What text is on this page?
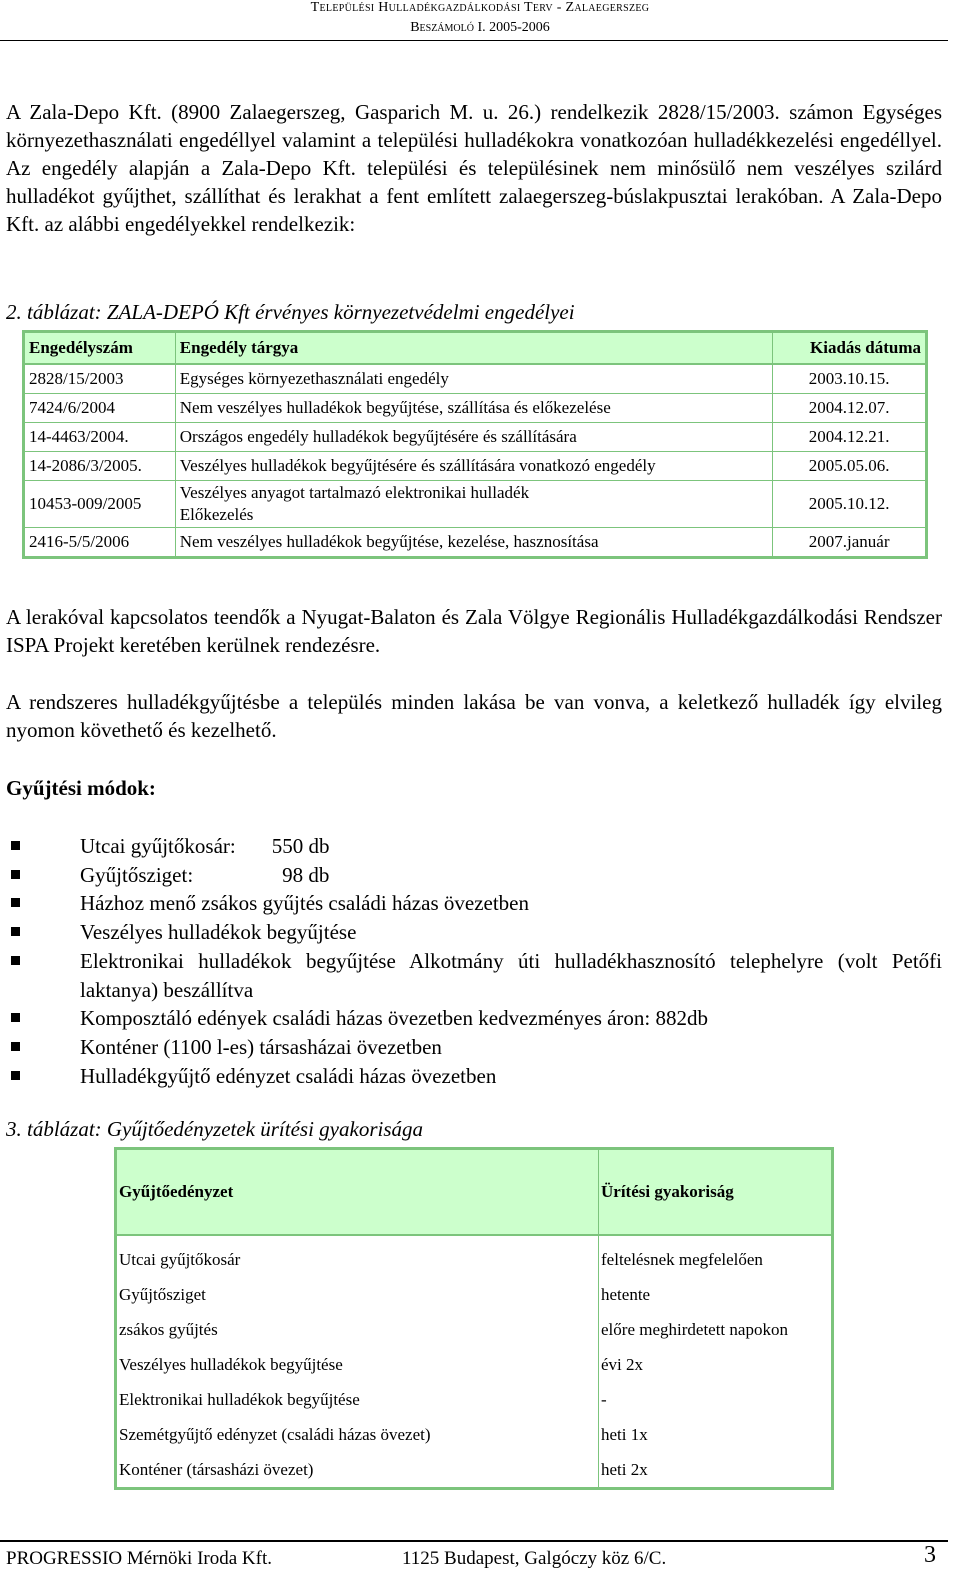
Települési Hulladékgazdálkodási Terv - Zalaegerszeg
Beszámoló I. 2005-2006
A Zala-Depo Kft. (8900 Zalaegerszeg, Gasparich M. u. 26.) rendelkezik 2828/15/2003. számon Egységes környezethasználati engedéllyel valamint a települési hulladékokra vonatkozóan hulladékkezelési engedéllyel. Az engedély alapján a Zala-Depo Kft. települési és településinek nem minősülő nem veszélyes szilárd hulladékot gyűjthet, szállíthat és lerakhat a fent említett zalaegerszeg-búslakpusztai lerakóban. A Zala-Depo Kft. az alábbi engedélyekkel rendelkezik:
2. táblázat: ZALA-DEPÓ Kft érvényes környezetvédelmi engedélyei
Engedélyszám	Engedély tárgya	Kiadás dátuma
2828/15/2003	Egységes környezethasználati engedély	2003.10.15.
7424/6/2004	Nem veszélyes hulladékok begyűjtése, szállítása és előkezelése	2004.12.07.
14-4463/2004.	Országos engedély hulladékok begyűjtésére és szállítására	2004.12.21.
14-2086/3/2005.	Veszélyes hulladékok begyűjtésére és szállítására vonatkozó engedély	2005.05.06.
10453-009/2005	Veszélyes anyagot tartalmazó elektronikai hulladék
Előkezelés	2005.10.12.
2416-5/5/2006	Nem veszélyes hulladékok begyűjtése, kezelése, hasznosítása	2007.január
A lerakóval kapcsolatos teendők a Nyugat-Balaton és Zala Völgye Regionális Hulladékgazdálkodási Rendszer ISPA Projekt keretében kerülnek rendezésre.
A rendszeres hulladékgyűjtésbe a település minden lakása be van vonva, a keletkező hulladék így elvileg nyomon követhető és kezelhető.
Gyűjtési módok:
Utcai gyűjtőkosár: 550 db
Gyűjtősziget:	98 db
Házhoz menő zsákos gyűjtés családi házas övezetben
Veszélyes hulladékok begyűjtése
Elektronikai hulladékok begyűjtése Alkotmány úti hulladékhasznosító telephelyre (volt Petőfi laktanya) beszállítva
Komposztáló edények családi házas övezetben kedvezményes áron: 882db
Konténer (1100 l-es) társasházai övezetben
Hulladékgyűjtő edényzet családi házas övezetben
3. táblázat: Gyűjtőedényzetek ürítési gyakorisága
Gyűjtőedényzet	Ürítési gyakoriság
Utcai gyűjtőkosár	feltelésnek megfelelően
Gyűjtősziget	hetente
zsákos gyűjtés	előre meghirdetett napokon
Veszélyes hulladékok begyűjtése	évi 2x
Elektronikai hulladékok begyűjtése	-
Szemétgyűjtő edényzet (családi házas övezet)	heti 1x
Konténer (társasházi övezet)	heti 2x
PROGRESSIO Mérnöki Iroda Kft.	1125 Budapest, Galgóczy köz 6/C.	3
